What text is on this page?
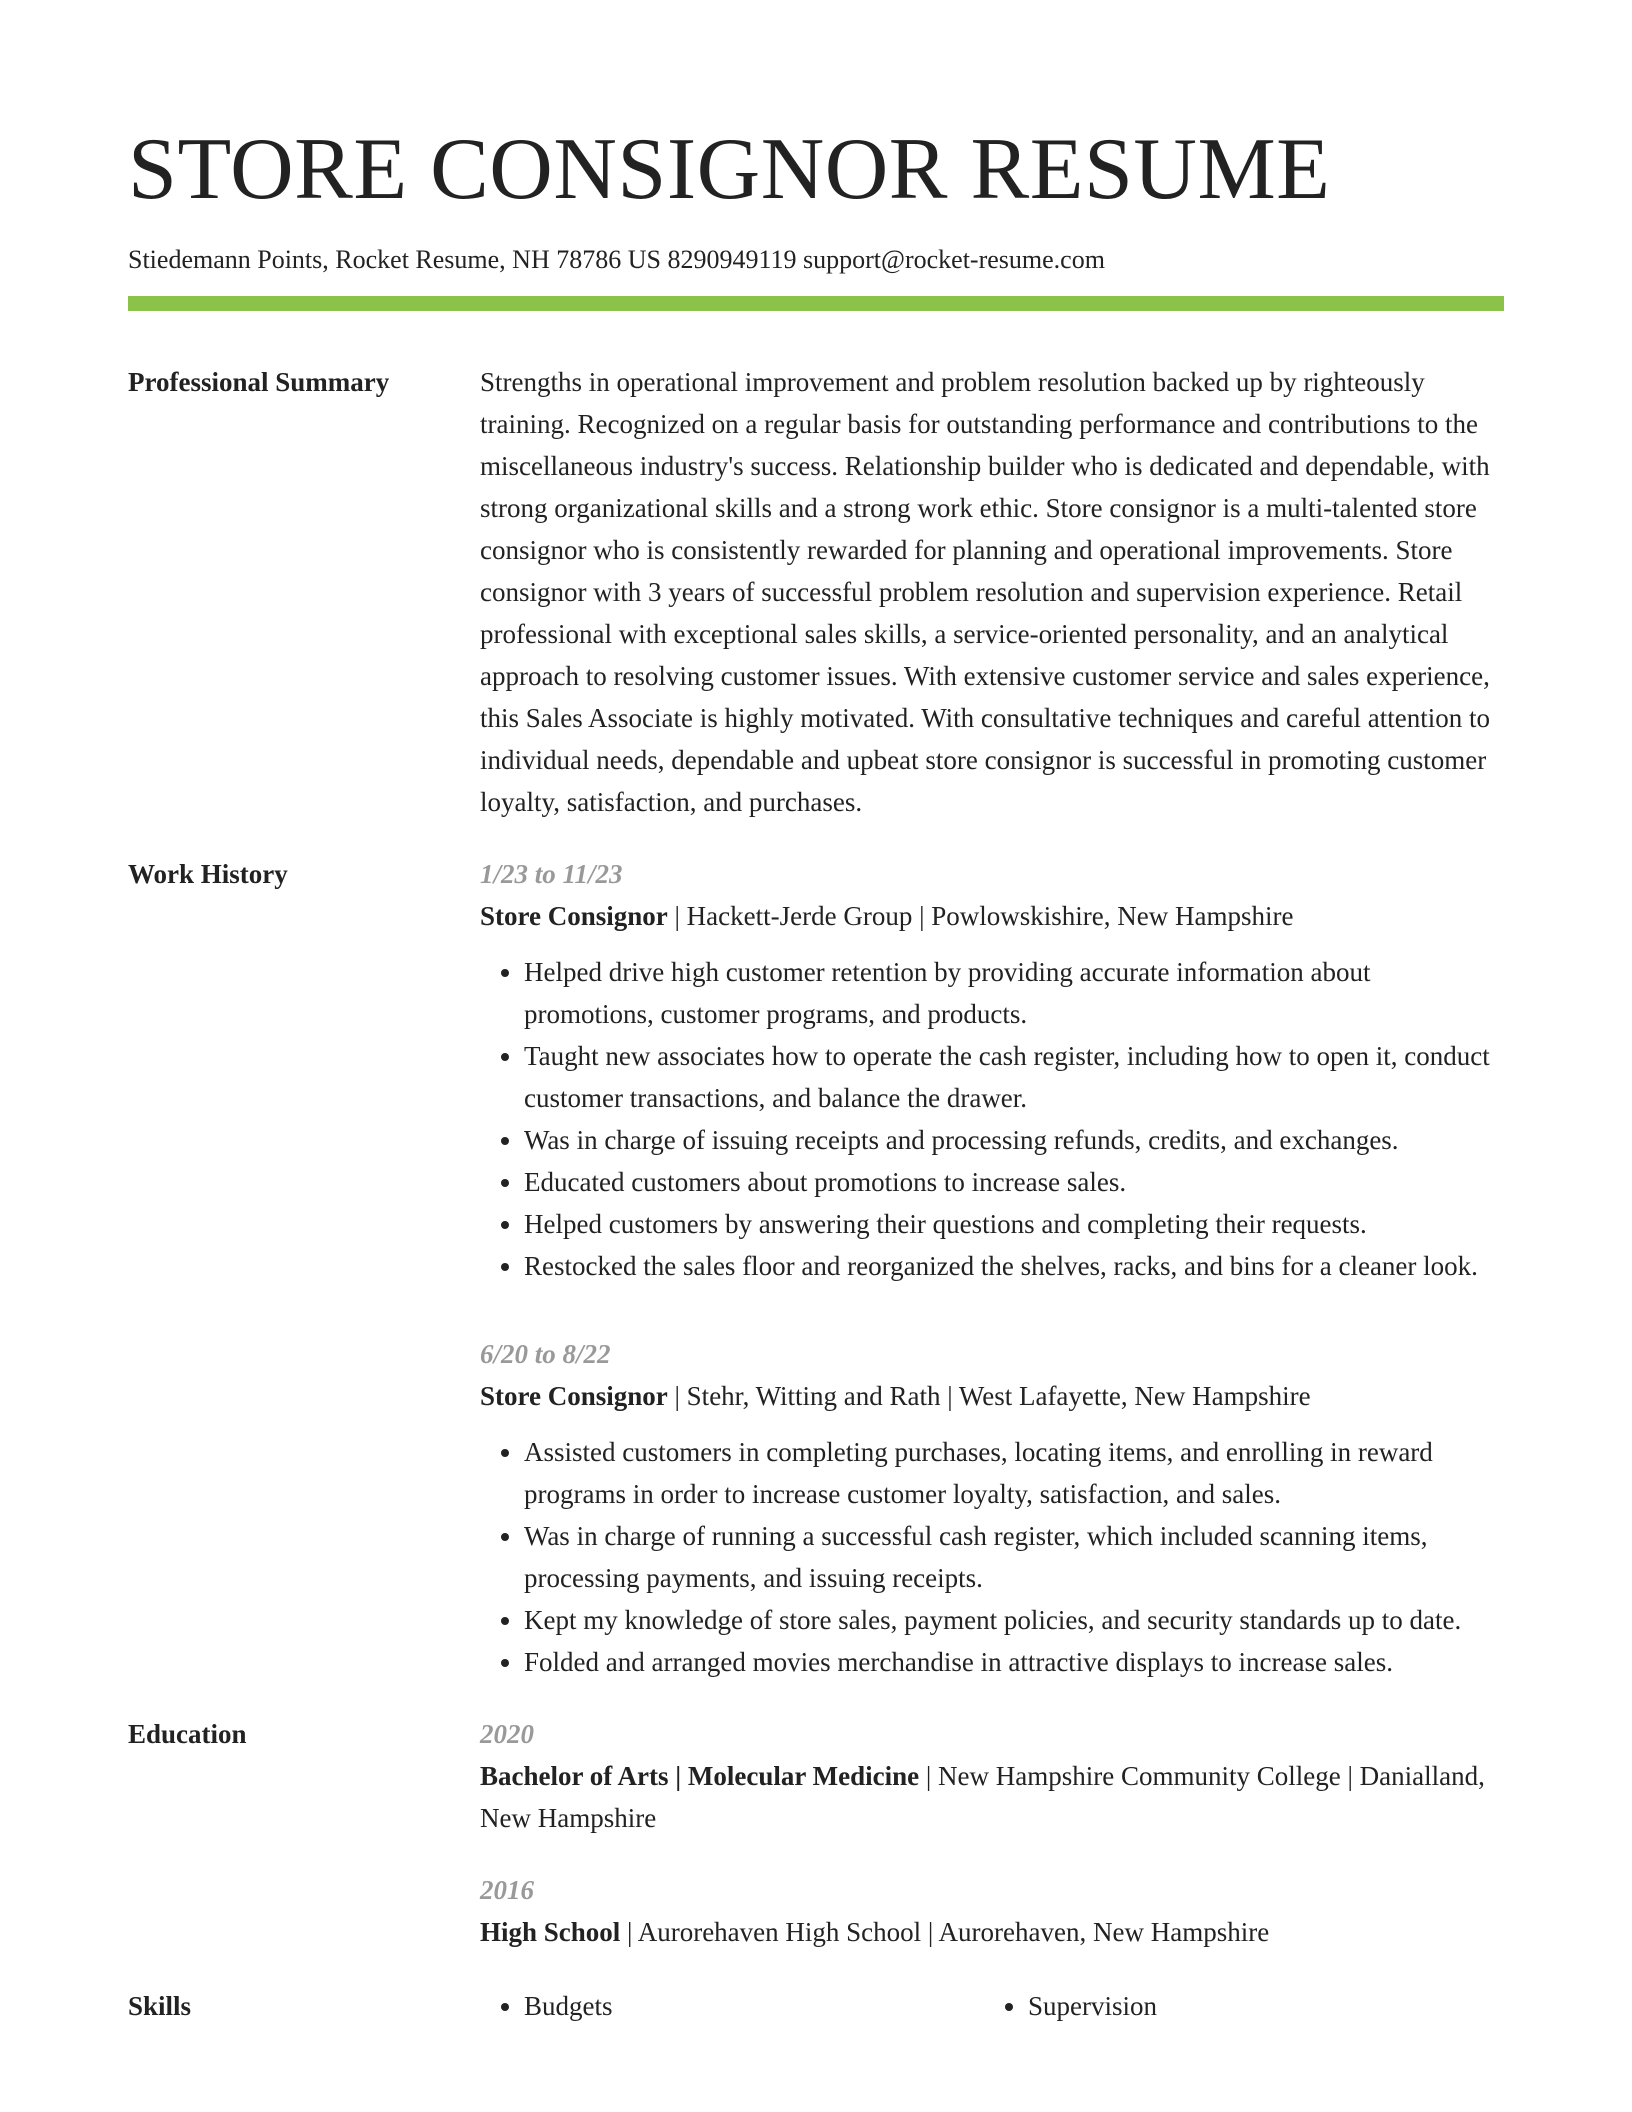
STORE CONSIGNOR RESUME
Stiedemann Points, Rocket Resume, NH 78786 US 8290949119 support@rocket-resume.com
Professional Summary	Strengths in operational improvement and problem resolution backed up by righteously training. Recognized on a regular basis for outstanding performance and contributions to the miscellaneous industry's success. Relationship builder who is dedicated and dependable, with strong organizational skills and a strong work ethic. Store consignor is a multi-talented store consignor who is consistently rewarded for planning and operational improvements. Store consignor with 3 years of successful problem resolution and supervision experience. Retail professional with exceptional sales skills, a service-oriented personality, and an analytical approach to resolving customer issues. With extensive customer service and sales experience, this Sales Associate is highly motivated. With consultative techniques and careful attention to individual needs, dependable and upbeat store consignor is successful in promoting customer loyalty, satisfaction, and purchases.
Work History	1/23 to 11/23
Store Consignor | Hackett-Jerde Group | Powlowskishire, New Hampshire
• Helped drive high customer retention by providing accurate information about promotions, customer programs, and products.
• Taught new associates how to operate the cash register, including how to open it, conduct customer transactions, and balance the drawer.
• Was in charge of issuing receipts and processing refunds, credits, and exchanges.
• Educated customers about promotions to increase sales.
• Helped customers by answering their questions and completing their requests.
• Restocked the sales floor and reorganized the shelves, racks, and bins for a cleaner look.
6/20 to 8/22
Store Consignor | Stehr, Witting and Rath | West Lafayette, New Hampshire
• Assisted customers in completing purchases, locating items, and enrolling in reward programs in order to increase customer loyalty, satisfaction, and sales.
• Was in charge of running a successful cash register, which included scanning items, processing payments, and issuing receipts.
• Kept my knowledge of store sales, payment policies, and security standards up to date.
• Folded and arranged movies merchandise in attractive displays to increase sales.
Education	2020
Bachelor of Arts | Molecular Medicine | New Hampshire Community College | Danialland, New Hampshire
2016
High School | Aurorehaven High School | Aurorehaven, New Hampshire
Skills	• Budgets	• Supervision
